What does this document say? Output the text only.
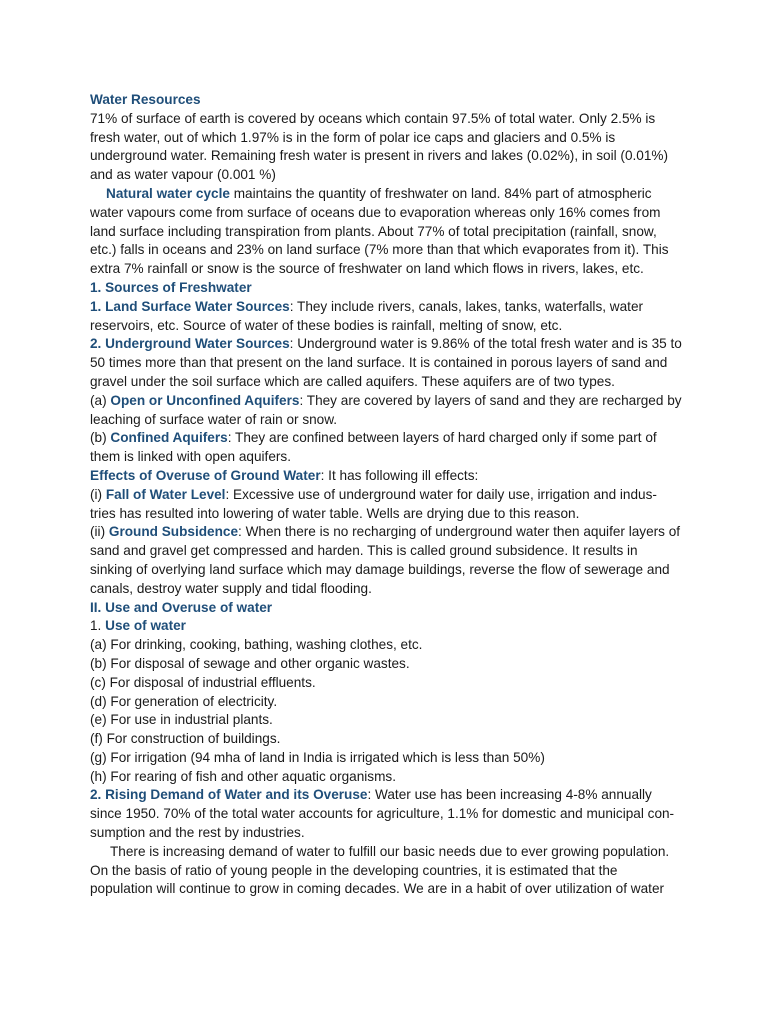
Water Resources

71% of surface of earth is covered by oceans which contain 97.5% of total water. Only 2.5% is fresh water, out of which 1.97% is in the form of polar ice caps and glaciers and 0.5% is underground water. Remaining fresh water is present in rivers and lakes (0.02%), in soil (0.01%) and as water vapour (0.001 %)

Natural water cycle maintains the quantity of freshwater on land. 84% part of atmospheric water vapours come from surface of oceans due to evaporation whereas only 16% comes from land surface including transpiration from plants. About 77% of total precipitation (rainfall, snow, etc.) falls in oceans and 23% on land surface (7% more than that which evaporates from it). This extra 7% rainfall or snow is the source of freshwater on land which flows in rivers, lakes, etc.

1. Sources of Freshwater

1. Land Surface Water Sources: They include rivers, canals, lakes, tanks, waterfalls, water reservoirs, etc. Source of water of these bodies is rainfall, melting of snow, etc.

2. Underground Water Sources: Underground water is 9.86% of the total fresh water and is 35 to 50 times more than that present on the land surface. It is contained in porous layers of sand and gravel under the soil surface which are called aquifers. These aquifers are of two types.

(a) Open or Unconfined Aquifers: They are covered by layers of sand and they are recharged by leaching of surface water of rain or snow.

(b) Confined Aquifers: They are confined between layers of hard charged only if some part of them is linked with open aquifers.

Effects of Overuse of Ground Water: It has following ill effects:

(i) Fall of Water Level: Excessive use of underground water for daily use, irrigation and indus- tries has resulted into lowering of water table. Wells are drying due to this reason.

(ii) Ground Subsidence: When there is no recharging of underground water then aquifer layers of sand and gravel get compressed and harden. This is called ground subsidence. It results in sinking of overlying land surface which may damage buildings, reverse the flow of sewerage and canals, destroy water supply and tidal flooding.

II. Use and Overuse of water

1. Use of water

(a) For drinking, cooking, bathing, washing clothes, etc.

(b) For disposal of sewage and other organic wastes.

(c) For disposal of industrial effluents.

(d) For generation of electricity.

(e) For use in industrial plants.

(f) For construction of buildings.

(g) For irrigation (94 mha of land in India is irrigated which is less than 50%)

(h) For rearing of fish and other aquatic organisms.

2. Rising Demand of Water and its Overuse: Water use has been increasing 4-8% annually since 1950. 70% of the total water accounts for agriculture, 1.1% for domestic and municipal con- sumption and the rest by industries.

There is increasing demand of water to fulfill our basic needs due to ever growing population. On the basis of ratio of young people in the developing countries, it is estimated that the population will continue to grow in coming decades. We are in a habit of over utilization of water
